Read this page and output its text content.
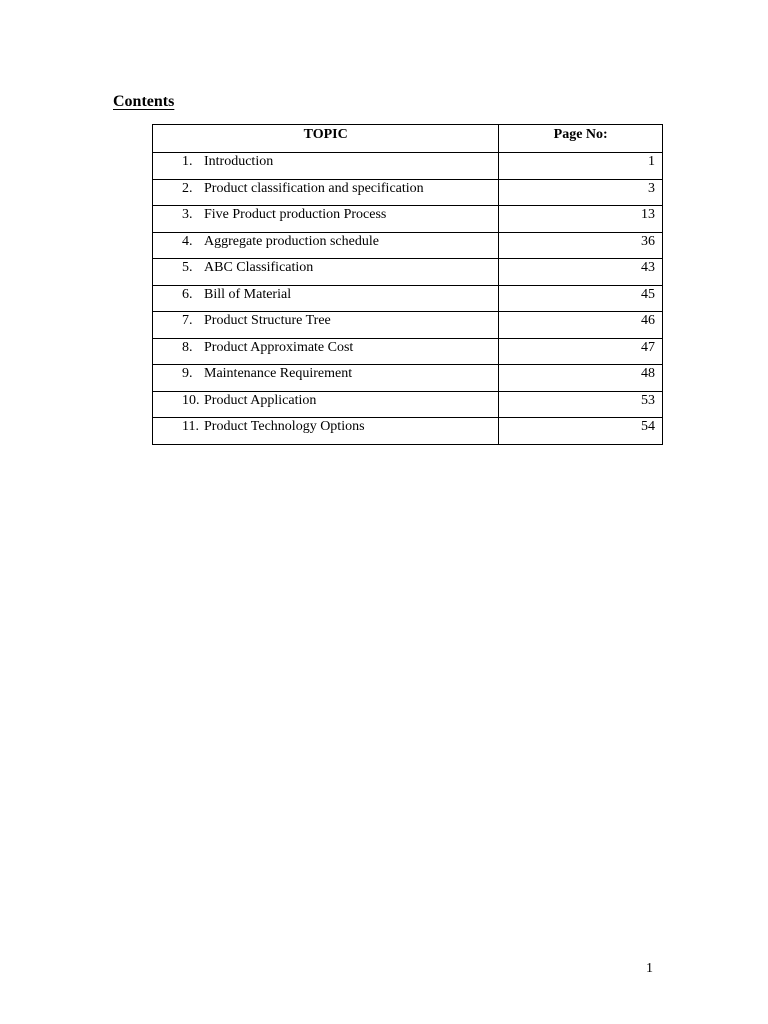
Contents
TOPIC	Page No:
1. Introduction	1
2. Product classification and specification	3
3. Five Product production Process	13
4. Aggregate production schedule	36
5. ABC Classification	43
6. Bill of Material	45
7. Product Structure Tree	46
8. Product Approximate Cost	47
9. Maintenance Requirement	48
10. Product Application	53
11. Product Technology Options	54
1
